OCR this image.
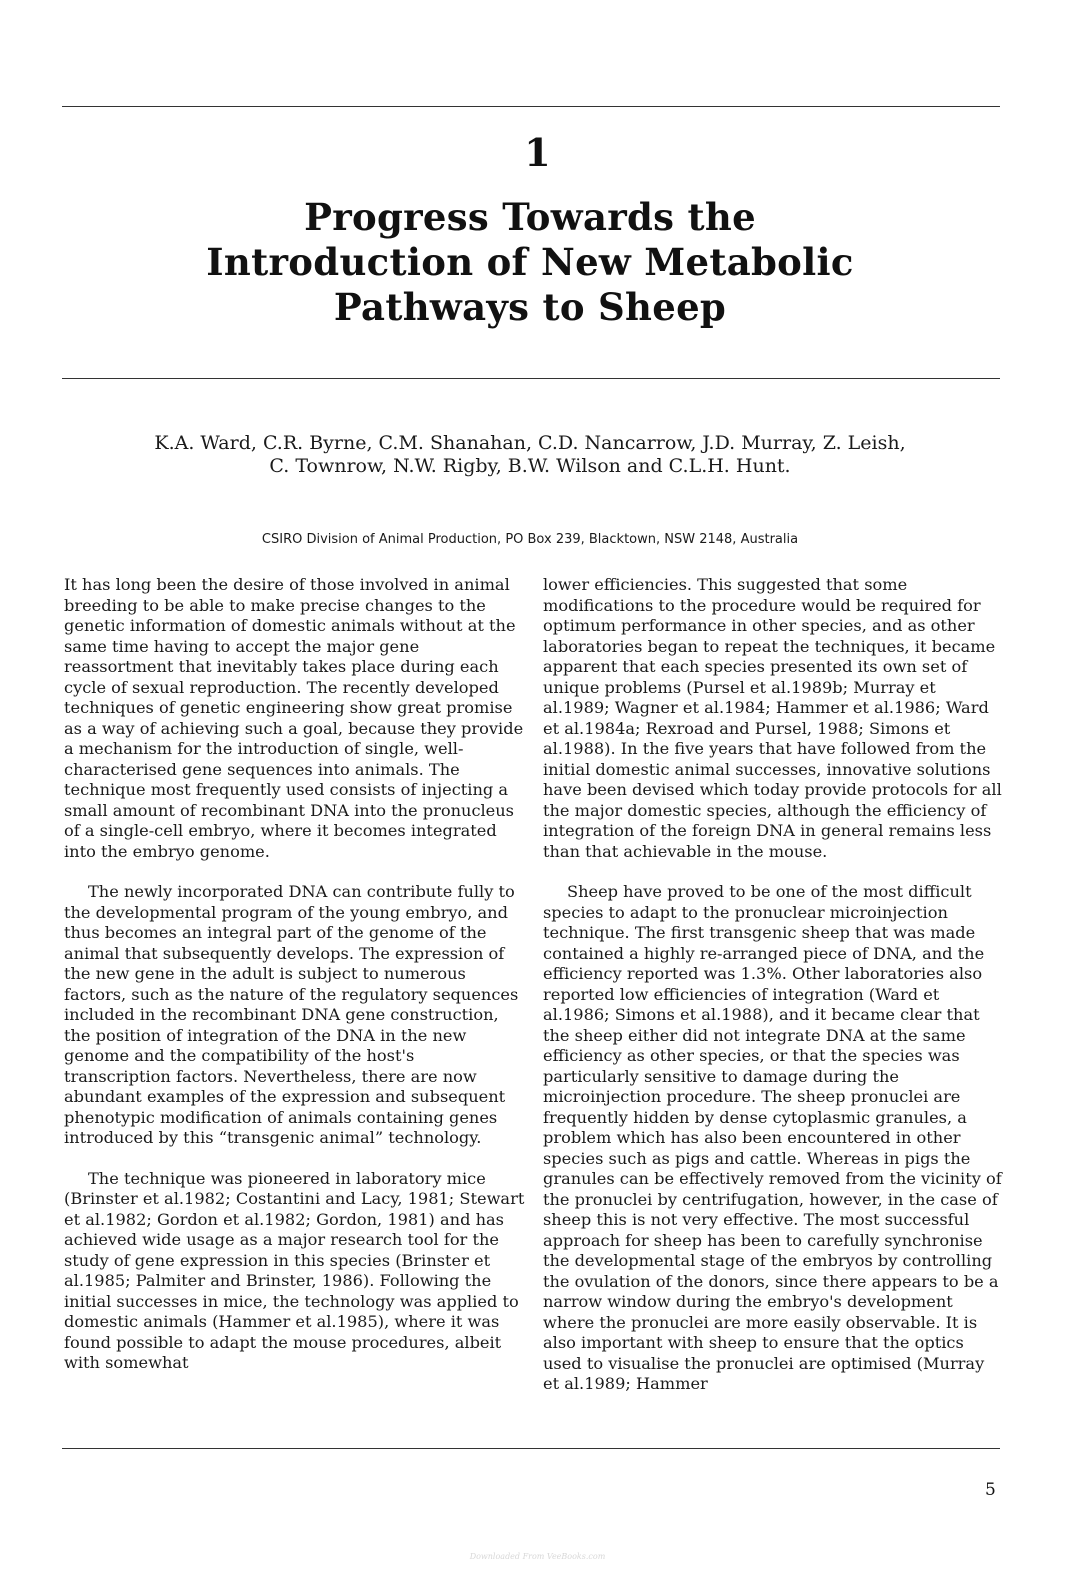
1
Progress Towards the
Introduction of New Metabolic
Pathways to Sheep
K.A. Ward, C.R. Byrne, C.M. Shanahan, C.D. Nancarrow, J.D. Murray, Z. Leish,
C. Townrow, N.W. Rigby, B.W. Wilson and C.L.H. Hunt.
CSIRO Division of Animal Production, PO Box 239, Blacktown, NSW 2148, Australia

It has long been the desire of those involved in animal breeding to be able to make precise changes to the genetic information of domestic animals without at the same time having to accept the major gene reassortment that inevitably takes place during each cycle of sexual reproduction. The recently developed techniques of genetic engineering show great promise as a way of achieving such a goal, because they provide a mechanism for the introduction of single, well-characterised gene sequences into animals. The technique most frequently used consists of injecting a small amount of recombinant DNA into the pronucleus of a single-cell embryo, where it becomes integrated into the embryo genome.

The newly incorporated DNA can contribute fully to the developmental program of the young embryo, and thus becomes an integral part of the genome of the animal that subsequently develops. The expression of the new gene in the adult is subject to numerous factors, such as the nature of the regulatory sequences included in the recombinant DNA gene construction, the position of integration of the DNA in the new genome and the compatibility of the host's transcription factors. Nevertheless, there are now abundant examples of the expression and subsequent phenotypic modification of animals containing genes introduced by this “transgenic animal” technology.

The technique was pioneered in laboratory mice (Brinster et al.1982; Costantini and Lacy, 1981; Stewart et al.1982; Gordon et al.1982; Gordon, 1981) and has achieved wide usage as a major research tool for the study of gene expression in this species (Brinster et al.1985; Palmiter and Brinster, 1986). Following the initial successes in mice, the technology was applied to domestic animals (Hammer et al.1985), where it was found possible to adapt the mouse procedures, albeit with somewhat

lower efficiencies. This suggested that some modifications to the procedure would be required for optimum performance in other species, and as other laboratories began to repeat the techniques, it became apparent that each species presented its own set of unique problems (Pursel et al.1989b; Murray et al.1989; Wagner et al.1984; Hammer et al.1986; Ward et al.1984a; Rexroad and Pursel, 1988; Simons et al.1988). In the five years that have followed from the initial domestic animal successes, innovative solutions have been devised which today provide protocols for all the major domestic species, although the efficiency of integration of the foreign DNA in general remains less than that achievable in the mouse.

Sheep have proved to be one of the most difficult species to adapt to the pronuclear microinjection technique. The first transgenic sheep that was made contained a highly re-arranged piece of DNA, and the efficiency reported was 1.3%. Other laboratories also reported low efficiencies of integration (Ward et al.1986; Simons et al.1988), and it became clear that the sheep either did not integrate DNA at the same efficiency as other species, or that the species was particularly sensitive to damage during the microinjection procedure. The sheep pronuclei are frequently hidden by dense cytoplasmic granules, a problem which has also been encountered in other species such as pigs and cattle. Whereas in pigs the granules can be effectively removed from the vicinity of the pronuclei by centrifugation, however, in the case of sheep this is not very effective. The most successful approach for sheep has been to carefully synchronise the developmental stage of the embryos by controlling the ovulation of the donors, since there appears to be a narrow window during the embryo's development where the pronuclei are more easily observable. It is also important with sheep to ensure that the optics used to visualise the pronuclei are optimised (Murray et al.1989; Hammer

5
Downloaded From VeeBooks.com
